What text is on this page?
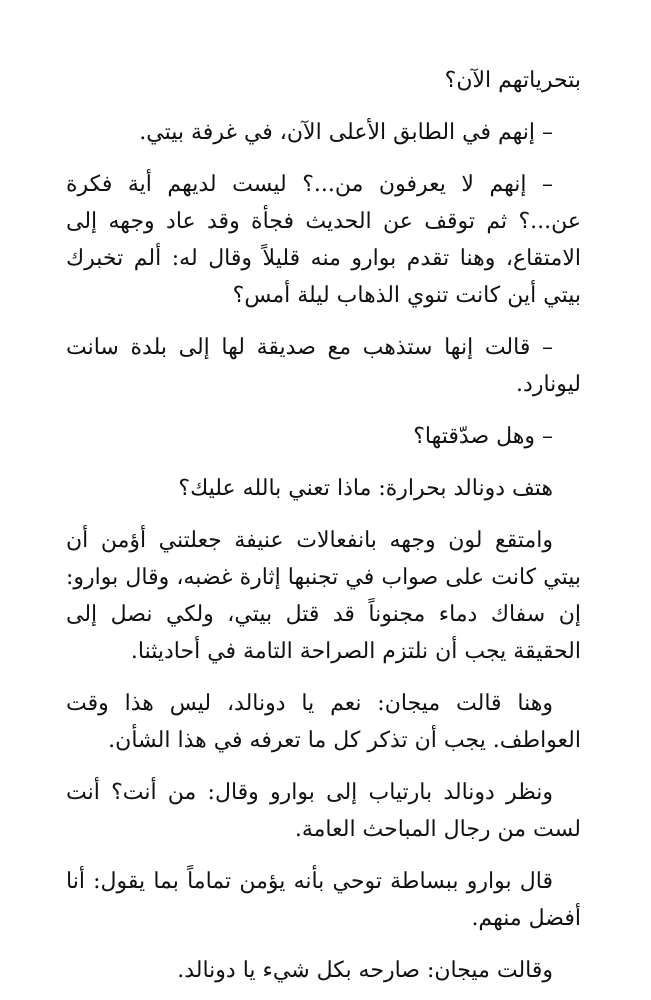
بتحرياتهم الآن؟

– إنهم في الطابق الأعلى الآن، في غرفة بيتي.

– إنهم لا يعرفون من...؟ ليست لديهم أية فكرة عن...؟ ثم توقف عن الحديث فجأة وقد عاد وجهه إلى الامتقاع، وهنا تقدم بوارو منه قليلاً وقال له: ألم تخبرك بيتي أين كانت تنوي الذهاب ليلة أمس؟

– قالت إنها ستذهب مع صديقة لها إلى بلدة سانت ليونارد.

– وهل صدّقتها؟

هتف دونالد بحرارة: ماذا تعني بالله عليك؟

وامتقع لون وجهه بانفعالات عنيفة جعلتني أؤمن أن بيتي كانت على صواب في تجنبها إثارة غضبه، وقال بوارو: إن سفاك دماء مجنوناً قد قتل بيتي، ولكي نصل إلى الحقيقة يجب أن نلتزم الصراحة التامة في أحاديثنا.

وهنا قالت ميجان: نعم يا دونالد، ليس هذا وقت العواطف. يجب أن تذكر كل ما تعرفه في هذا الشأن.

ونظر دونالد بارتياب إلى بوارو وقال: من أنت؟ أنت لست من رجال المباحث العامة.

قال بوارو ببساطة توحي بأنه يؤمن تماماً بما يقول: أنا أفضل منهم.

وقالت ميجان: صارحه بكل شيء يا دونالد.
